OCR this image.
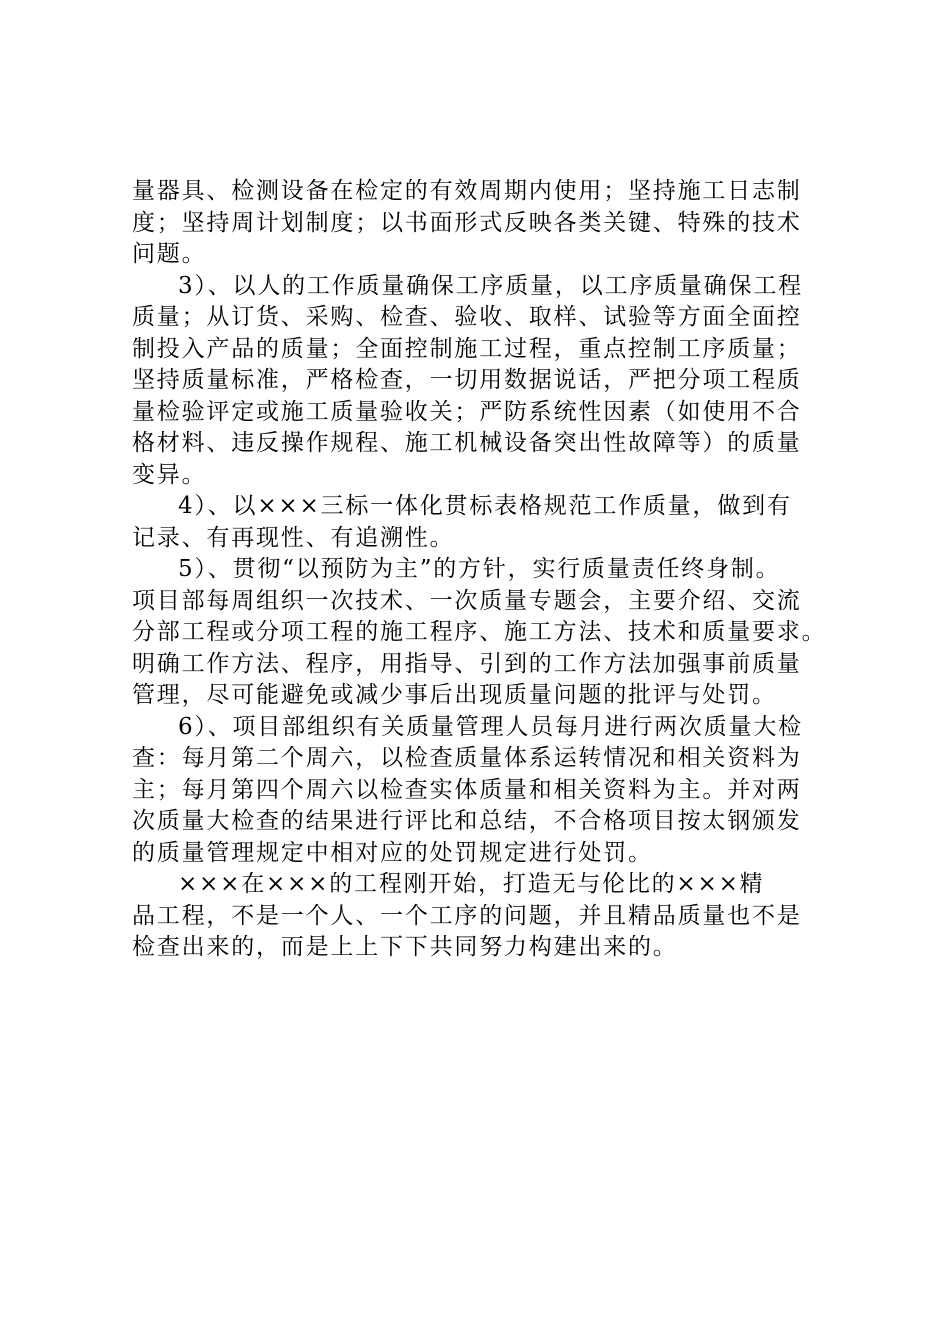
量器具、检测设备在检定的有效周期内使用；坚持施工日志制
度；坚持周计划制度；以书面形式反映各类关键、特殊的技术
问题。
3）、以人的工作质量确保工序质量，以工序质量确保工程
质量；从订货、采购、检查、验收、取样、试验等方面全面控
制投入产品的质量；全面控制施工过程，重点控制工序质量；
坚持质量标准，严格检查，一切用数据说话，严把分项工程质
量检验评定或施工质量验收关；严防系统性因素（如使用不合
格材料、违反操作规程、施工机械设备突出性故障等）的质量
变异。
4）、以×××三标一体化贯标表格规范工作质量，做到有
记录、有再现性、有追溯性。
5）、贯彻“以预防为主”的方针，实行质量责任终身制。
项目部每周组织一次技术、一次质量专题会，主要介绍、交流
分部工程或分项工程的施工程序、施工方法、技术和质量要求。
明确工作方法、程序，用指导、引到的工作方法加强事前质量
管理，尽可能避免或减少事后出现质量问题的批评与处罚。
6）、项目部组织有关质量管理人员每月进行两次质量大检
查：每月第二个周六，以检查质量体系运转情况和相关资料为
主；每月第四个周六以检查实体质量和相关资料为主。并对两
次质量大检查的结果进行评比和总结，不合格项目按太钢颁发
的质量管理规定中相对应的处罚规定进行处罚。
×××在×××的工程刚开始，打造无与伦比的×××精
品工程，不是一个人、一个工序的问题，并且精品质量也不是
检查出来的，而是上上下下共同努力构建出来的。
